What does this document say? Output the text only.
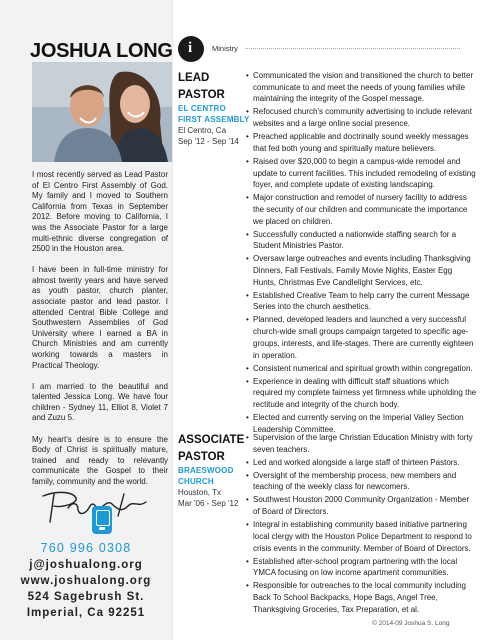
JOSHUA LONG

I most recently served as Lead Pastor of El Centro First Assembly of God. My family and I moved to Southern California from Texas in September 2012. Before moving to California, I was the Associate Pastor for a large multi-ethnic diverse congregation of 2500 in the Houston area.

I have been in full-time ministry for almost twenty years and have served as youth pastor, church planter, associate pastor and lead pastor. I attended Central Bible College and Southwestern Assemblies of God University where I earned a BA in Church Ministries and am currently working towards a masters in Practical Theology.

I am married to the beautiful and talented Jessica Long. We have four children - Sydney 11, Elliot 8, Violet 7 and Zuzu 5.

My heart's desire is to ensure the Body of Christ is spiritually mature, trained and ready to relevantly communicate the Gospel to their family, community and the world.

760 996 0308
j@joshualong.org
www.joshualong.org
524 Sagebrush St.
Imperial, Ca 92251
i	Ministry
LEAD
PASTOR
EL CENTRO
FIRST ASSEMBLY
El Centro, Ca
Sep '12 - Sep '14
• Communicated the vision and transitioned the church to better communicate to and meet the needs of young families while maintaining the integrity of the Gospel message.
• Refocused church's community advertising to include relevant websites and a large online social presence.
• Preached applicable and doctrinally sound weekly messages that fed both young and spiritually mature believers.
• Raised over $20,000 to begin a campus-wide remodel and update to current facilities. This included remodeling of existing foyer, and complete update of existing landscaping.
• Major construction and remodel of nursery facility to address the security of our children and communicate the importance we placed on children.
• Successfully conducted a nationwide staffing search for a Student Ministries Pastor.
• Oversaw large outreaches and events including Thanksgiving Dinners, Fall Festivals, Family Movie Nights, Easter Egg Hunts, Christmas Eve Candlelight Services, etc.
• Established Creative Team to help carry the current Message Series into the church aesthetics.
• Planned, developed leaders and launched a very successful church-wide small groups campaign targeted to specific age-groups, interests, and life-stages. There are currently eighteen in operation.
• Consistent numerical and spiritual growth within congregation.
• Experience in dealing with difficult staff situations which required my complete fairness yet firmness while upholding the rectitude and integrity of the church body.
• Elected and currently serving on the Imperial Valley Section Leadership Committee.
ASSOCIATE
PASTOR
BRAESWOOD
CHURCH
Houston, Tx
Mar '06 - Sep '12
• Supervision of the large Christian Education Ministry with forty seven teachers.
• Led and worked alongside a large staff of thirteen Pastors.
• Oversight of the membership process, new members and teaching of the weekly class for newcomers.
• Southwest Houston 2000 Community Organization - Member of Board of Directors.
• Integral in establishing community based initiative partnering local clergy with the Houston Police Department to respond to crisis events in the community. Member of Board of Directors.
• Established after-school program partnering with the local YMCA focusing on low income apartment communities.
• Responsible for outreaches to the local community including Back To School Backpacks, Hope Bags, Angel Tree, Thanksgiving Groceries, Tax Preparation, et al.
© 2014-09 Joshua S. Long
